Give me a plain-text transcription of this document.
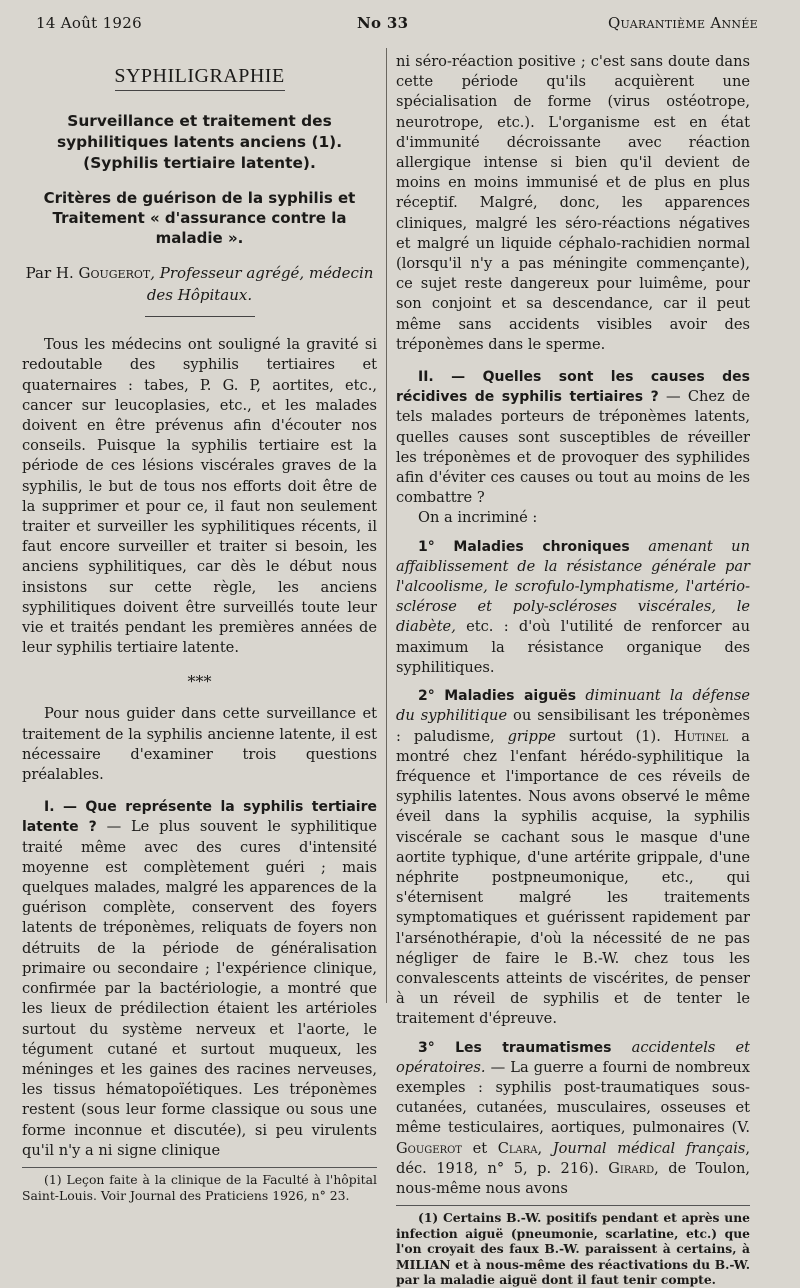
14 Août 1926	No 33	Quarantième Année
SYPHILIGRAPHIE
Surveillance et traitement des syphilitiques latents anciens (1).
(Syphilis tertiaire latente).
Critères de guérison de la syphilis et Traitement « d'assurance contre la maladie ».
Par H. Gougerot, Professeur agrégé, médecin des Hôpitaux.

Tous les médecins ont souligné la gravité si redoutable des syphilis tertiaires et quaternaires : tabes, P. G. P, aortites, etc., cancer sur leucoplasies, etc., et les malades doivent en être prévenus afin d'écouter nos conseils. Puisque la syphilis tertiaire est la période de ces lésions viscérales graves de la syphilis, le but de tous nos efforts doit être de la supprimer et pour ce, il faut non seulement traiter et surveiller les syphilitiques récents, il faut encore surveiller et traiter si besoin, les anciens syphilitiques, car dès le début nous insistons sur cette règle, les anciens syphilitiques doivent être surveillés toute leur vie et traités pendant les premières années de leur syphilis tertiaire latente.

***

Pour nous guider dans cette surveillance et traitement de la syphilis ancienne latente, il est nécessaire d'examiner trois questions préalables.

I. — Que représente la syphilis tertiaire latente ? — Le plus souvent le syphilitique traité même avec des cures d'intensité moyenne est complètement guéri ; mais quelques malades, malgré les apparences de la guérison complète, conservent des foyers latents de tréponèmes, reliquats de foyers non détruits de la période de généralisation primaire ou secondaire ; l'expérience clinique, confirmée par la bactériologie, a montré que les lieux de prédilection étaient les artérioles surtout du système nerveux et l'aorte, le tégument cutané et surtout muqueux, les méninges et les gaines des racines nerveuses, les tissus hématopoïétiques. Les tréponèmes restent (sous leur forme classique ou sous une forme inconnue et discutée), si peu virulents qu'il n'y a ni signe clinique

(1) Leçon faite à la clinique de la Faculté à l'hôpital Saint-Louis. Voir Journal des Praticiens 1926, n° 23.

ni séro-réaction positive ; c'est sans doute dans cette période qu'ils acquièrent une spécialisation de forme (virus ostéotrope, neurotrope, etc.). L'organisme est en état d'immunité décroissante avec réaction allergique intense si bien qu'il devient de moins en moins immunisé et de plus en plus réceptif. Malgré, donc, les apparences cliniques, malgré les séro-réactions négatives et malgré un liquide céphalo-rachidien normal (lorsqu'il n'y a pas méningite commençante), ce sujet reste dangereux pour luimême, pour son conjoint et sa descendance, car il peut même sans accidents visibles avoir des tréponèmes dans le sperme.

II. — Quelles sont les causes des récidives de syphilis tertiaires ? — Chez de tels malades porteurs de tréponèmes latents, quelles causes sont susceptibles de réveiller les tréponèmes et de provoquer des syphilides afin d'éviter ces causes ou tout au moins de les combattre ?

On a incriminé :

1° Maladies chroniques amenant un affaiblissement de la résistance générale par l'alcoolisme, le scrofulo-lymphatisme, l'artério-sclérose et poly-scléroses viscérales, le diabète, etc. : d'où l'utilité de renforcer au maximum la résistance organique des syphilitiques.

2° Maladies aiguës diminuant la défense du syphilitique ou sensibilisant les tréponèmes : paludisme, grippe surtout (1). Hutinel a montré chez l'enfant hérédo-syphilitique la fréquence et l'importance de ces réveils de syphilis latentes. Nous avons observé le même éveil dans la syphilis acquise, la syphilis viscérale se cachant sous le masque d'une aortite typhique, d'une artérite grippale, d'une néphrite postpneumonique, etc., qui s'éternisent malgré les traitements symptomatiques et guérissent rapidement par l'arsénothérapie, d'où la nécessité de ne pas négliger de faire le B.-W. chez tous les convalescents atteints de viscérites, de penser à un réveil de syphilis et de tenter le traitement d'épreuve.

3° Les traumatismes accidentels et opératoires. — La guerre a fourni de nombreux exemples : syphilis post-traumatiques sous-cutanées, cutanées, musculaires, osseuses et même testiculaires, aortiques, pulmonaires (V. Gougerot et Clara, Journal médical français, déc. 1918, n° 5, p. 216). Girard, de Toulon, nous-même nous avons

(1) Certains B.-W. positifs pendant et après une infection aiguë (pneumonie, scarlatine, etc.) que l'on croyait des faux B.-W. paraissent à certains, à MILIAN et à nous-même des réactivations du B.-W. par la maladie aiguë dont il faut tenir compte.
